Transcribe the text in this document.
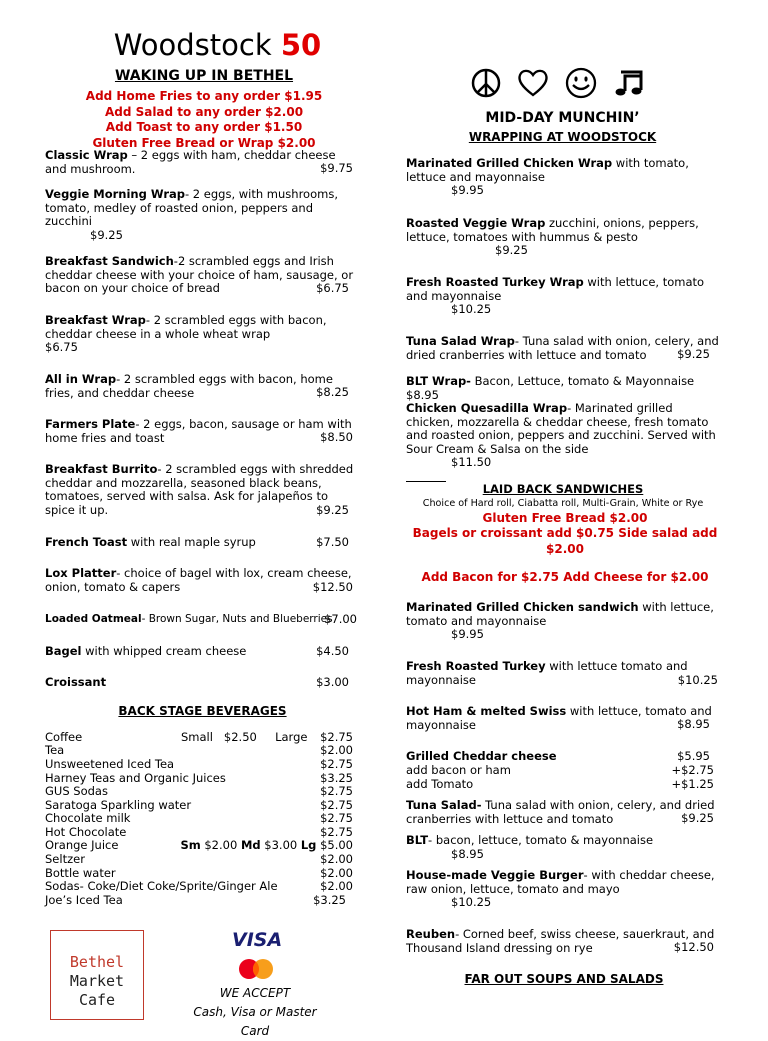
Woodstock 50
WAKING UP IN BETHEL
Add Home Fries to any order $1.95
Add Salad to any order $2.00
Add Toast to any order $1.50
Gluten Free Bread or Wrap $2.00
Classic Wrap – 2 eggs with ham, cheddar cheese and mushroom.	$9.75
Veggie Morning Wrap- 2 eggs, with mushrooms, tomato, medley of roasted onion, peppers and zucchini
$9.25
Breakfast Sandwich-2 scrambled eggs and Irish cheddar cheese with your choice of ham, sausage, or bacon on your choice of bread	$6.75
Breakfast Wrap- 2 scrambled eggs with bacon, cheddar cheese in a whole wheat wrap
$6.75
All in Wrap- 2 scrambled eggs with bacon, home fries, and cheddar cheese	$8.25
Farmers Plate- 2 eggs, bacon, sausage or ham with home fries and toast	$8.50
Breakfast Burrito- 2 scrambled eggs with shredded cheddar and mozzarella, seasoned black beans, tomatoes, served with salsa. Ask for jalapeños to spice it up.	$9.25
French Toast with real maple syrup	$7.50
Lox Platter- choice of bagel with lox, cream cheese, onion, tomato & capers	$12.50
Loaded Oatmeal- Brown Sugar, Nuts and Blueberries
$7.00
Bagel with whipped cream cheese	$4.50
Croissant	$3.00
BACK STAGE BEVERAGES
Coffee	Small   $2.50     Large $2.75
Tea	$2.00
Unsweetened Iced Tea	$2.75
Harney Teas and Organic Juices	$3.25
GUS Sodas	$2.75
Saratoga Sparkling water	$2.75
Chocolate milk	$2.75
Hot Chocolate	$2.75
Orange Juice	Sm $2.00 Md $3.00 Lg $5.00
Seltzer	$2.00
Bottle water	$2.00
Sodas- Coke/Diet Coke/Sprite/Ginger Ale	$2.00
Joe’s Iced Tea	$3.25
Bethel
Market
Cafe
VISA
WE ACCEPT
Cash, Visa or Master Card
MID-DAY MUNCHIN’
WRAPPING AT WOODSTOCK
Marinated Grilled Chicken Wrap with tomato, lettuce and mayonnaise
$9.95
Roasted Veggie Wrap zucchini, onions, peppers, lettuce, tomatoes with hummus & pesto
$9.25
Fresh Roasted Turkey Wrap with lettuce, tomato and mayonnaise
$10.25
Tuna Salad Wrap- Tuna salad with onion, celery, and dried cranberries with lettuce and tomato	$9.25
BLT Wrap- Bacon, Lettuce, tomato & Mayonnaise
$8.95
Chicken Quesadilla Wrap- Marinated grilled chicken, mozzarella & cheddar cheese, fresh tomato and roasted onion, peppers and zucchini. Served with Sour Cream & Salsa on the side
$11.50
LAID BACK SANDWICHES
Choice of Hard roll, Ciabatta roll, Multi-Grain, White or Rye
Gluten Free Bread $2.00
Bagels or croissant add $0.75 Side salad add $2.00
Add Bacon for $2.75 Add Cheese for $2.00
Marinated Grilled Chicken sandwich with lettuce, tomato and mayonnaise
$9.95
Fresh Roasted Turkey with lettuce tomato and mayonnaise	$10.25
Hot Ham & melted Swiss with lettuce, tomato and mayonnaise	$8.95
Grilled Cheddar cheese	$5.95
add bacon or ham	+$2.75
add Tomato	+$1.25
Tuna Salad- Tuna salad with onion, celery, and dried cranberries with lettuce and tomato	$9.25
BLT- bacon, lettuce, tomato & mayonnaise
$8.95
House-made Veggie Burger- with cheddar cheese, raw onion, lettuce, tomato and mayo
$10.25
Reuben- Corned beef, swiss cheese, sauerkraut, and Thousand Island dressing on rye	$12.50
FAR OUT SOUPS AND SALADS
